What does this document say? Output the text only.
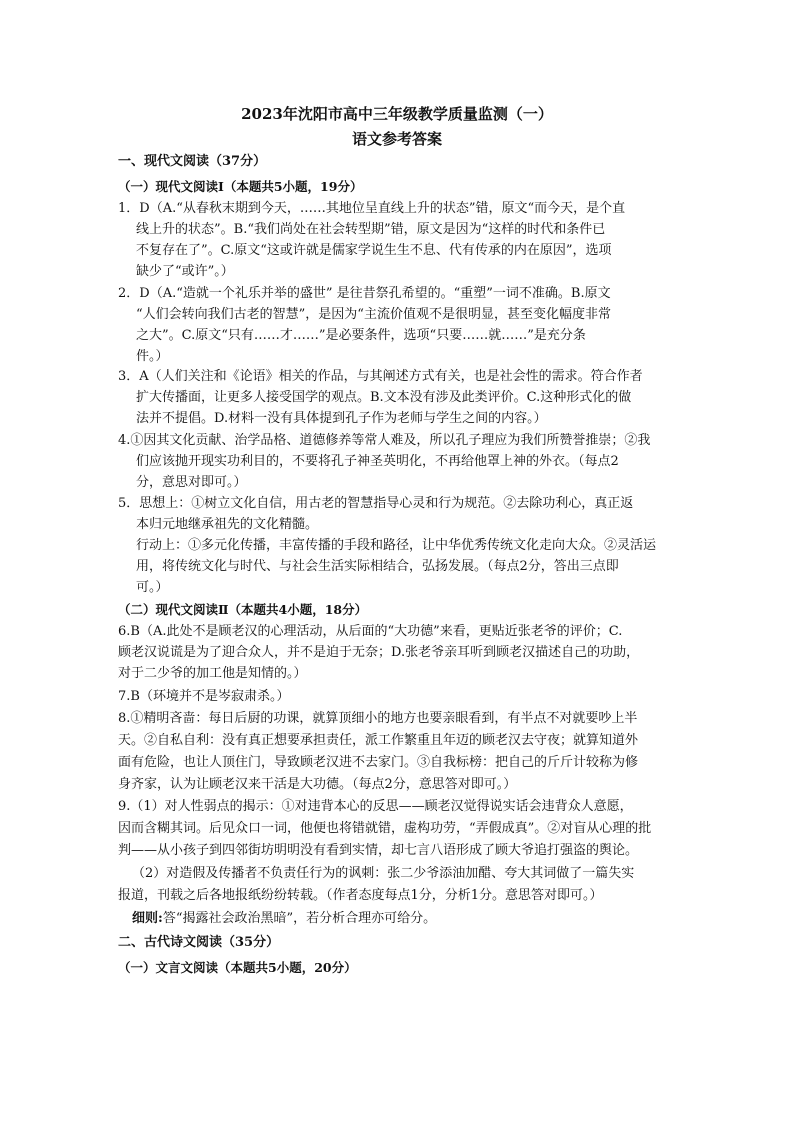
2023年沈阳市高中三年级教学质量监测（一）
语文参考答案
一、现代文阅读（37分）
（一）现代文阅读Ⅰ（本题共5小题，19分）
1．D（A.“从春秋末期到今天，……其地位呈直线上升的状态”错，原文“而今天，是个直
线上升的状态”。B.“我们尚处在社会转型期”错，原文是因为“这样的时代和条件已
不复存在了”。C.原文“这或许就是儒家学说生生不息、代有传承的内在原因”，选项
缺少了“或许”。）
2．D（A.“造就一个礼乐并举的盛世” 是往昔祭孔希望的。“重塑”一词不准确。B.原文
“人们会转向我们古老的智慧”，是因为“主流价值观不是很明显，甚至变化幅度非常
之大”。C.原文“只有……才……”是必要条件，选项“只要……就……”是充分条
件。）
3．A（人们关注和《论语》相关的作品，与其阐述方式有关，也是社会性的需求。符合作者
扩大传播面，让更多人接受国学的观点。B.文本没有涉及此类评价。C.这种形式化的做
法并不提倡。D.材料一没有具体提到孔子作为老师与学生之间的内容。）
4.①因其文化贡献、治学品格、道德修养等常人难及，所以孔子理应为我们所赞誉推崇；②我
们应该抛开现实功利目的，不要将孔子神圣英明化，不再给他罩上神的外衣。（每点2
分，意思对即可。）
5．思想上：①树立文化自信，用古老的智慧指导心灵和行为规范。②去除功利心，真正返
本归元地继承祖先的文化精髓。
行动上：①多元化传播，丰富传播的手段和路径，让中华优秀传统文化走向大众。②灵活运
用，将传统文化与时代、与社会生活实际相结合，弘扬发展。（每点2分，答出三点即
可。）
（二）现代文阅读Ⅱ（本题共4小题，18分）
6.B（A.此处不是顾老汉的心理活动，从后面的“大功德”来看，更贴近张老爷的评价；C.
顾老汉说谎是为了迎合众人，并不是迫于无奈；D.张老爷亲耳听到顾老汉描述自己的功助，
对于二少爷的加工他是知情的。）
7.B（环境并不是岑寂肃杀。）
8.①精明吝啬：每日后厨的功课，就算顶细小的地方也要亲眼看到，有半点不对就要吵上半
天。②自私自利：没有真正想要承担责任，派工作繁重且年迈的顾老汉去守夜；就算知道外
面有危险，也让人顶住门，导致顾老汉进不去家门。③自我标榜：把自己的斤斤计较称为修
身齐家，认为让顾老汉来干活是大功德。（每点2分，意思答对即可。）
9.（1）对人性弱点的揭示：①对违背本心的反思——顾老汉觉得说实话会违背众人意愿，
因而含糊其词。后见众口一词，他便也将错就错，虚构功劳，“弄假成真”。②对盲从心理的批
判——从小孩子到四邻街坊明明没有看到实情，却七言八语形成了顾大爷追打强盗的舆论。
（2）对造假及传播者不负责任行为的讽刺：张二少爷添油加醋、夸大其词做了一篇失实
报道，刊载之后各地报纸纷纷转载。（作者态度每点1分，分析1分。意思答对即可。）
细则:答“揭露社会政治黑暗”，若分析合理亦可给分。
二、古代诗文阅读（35分）
（一）文言文阅读（本题共5小题，20分）
